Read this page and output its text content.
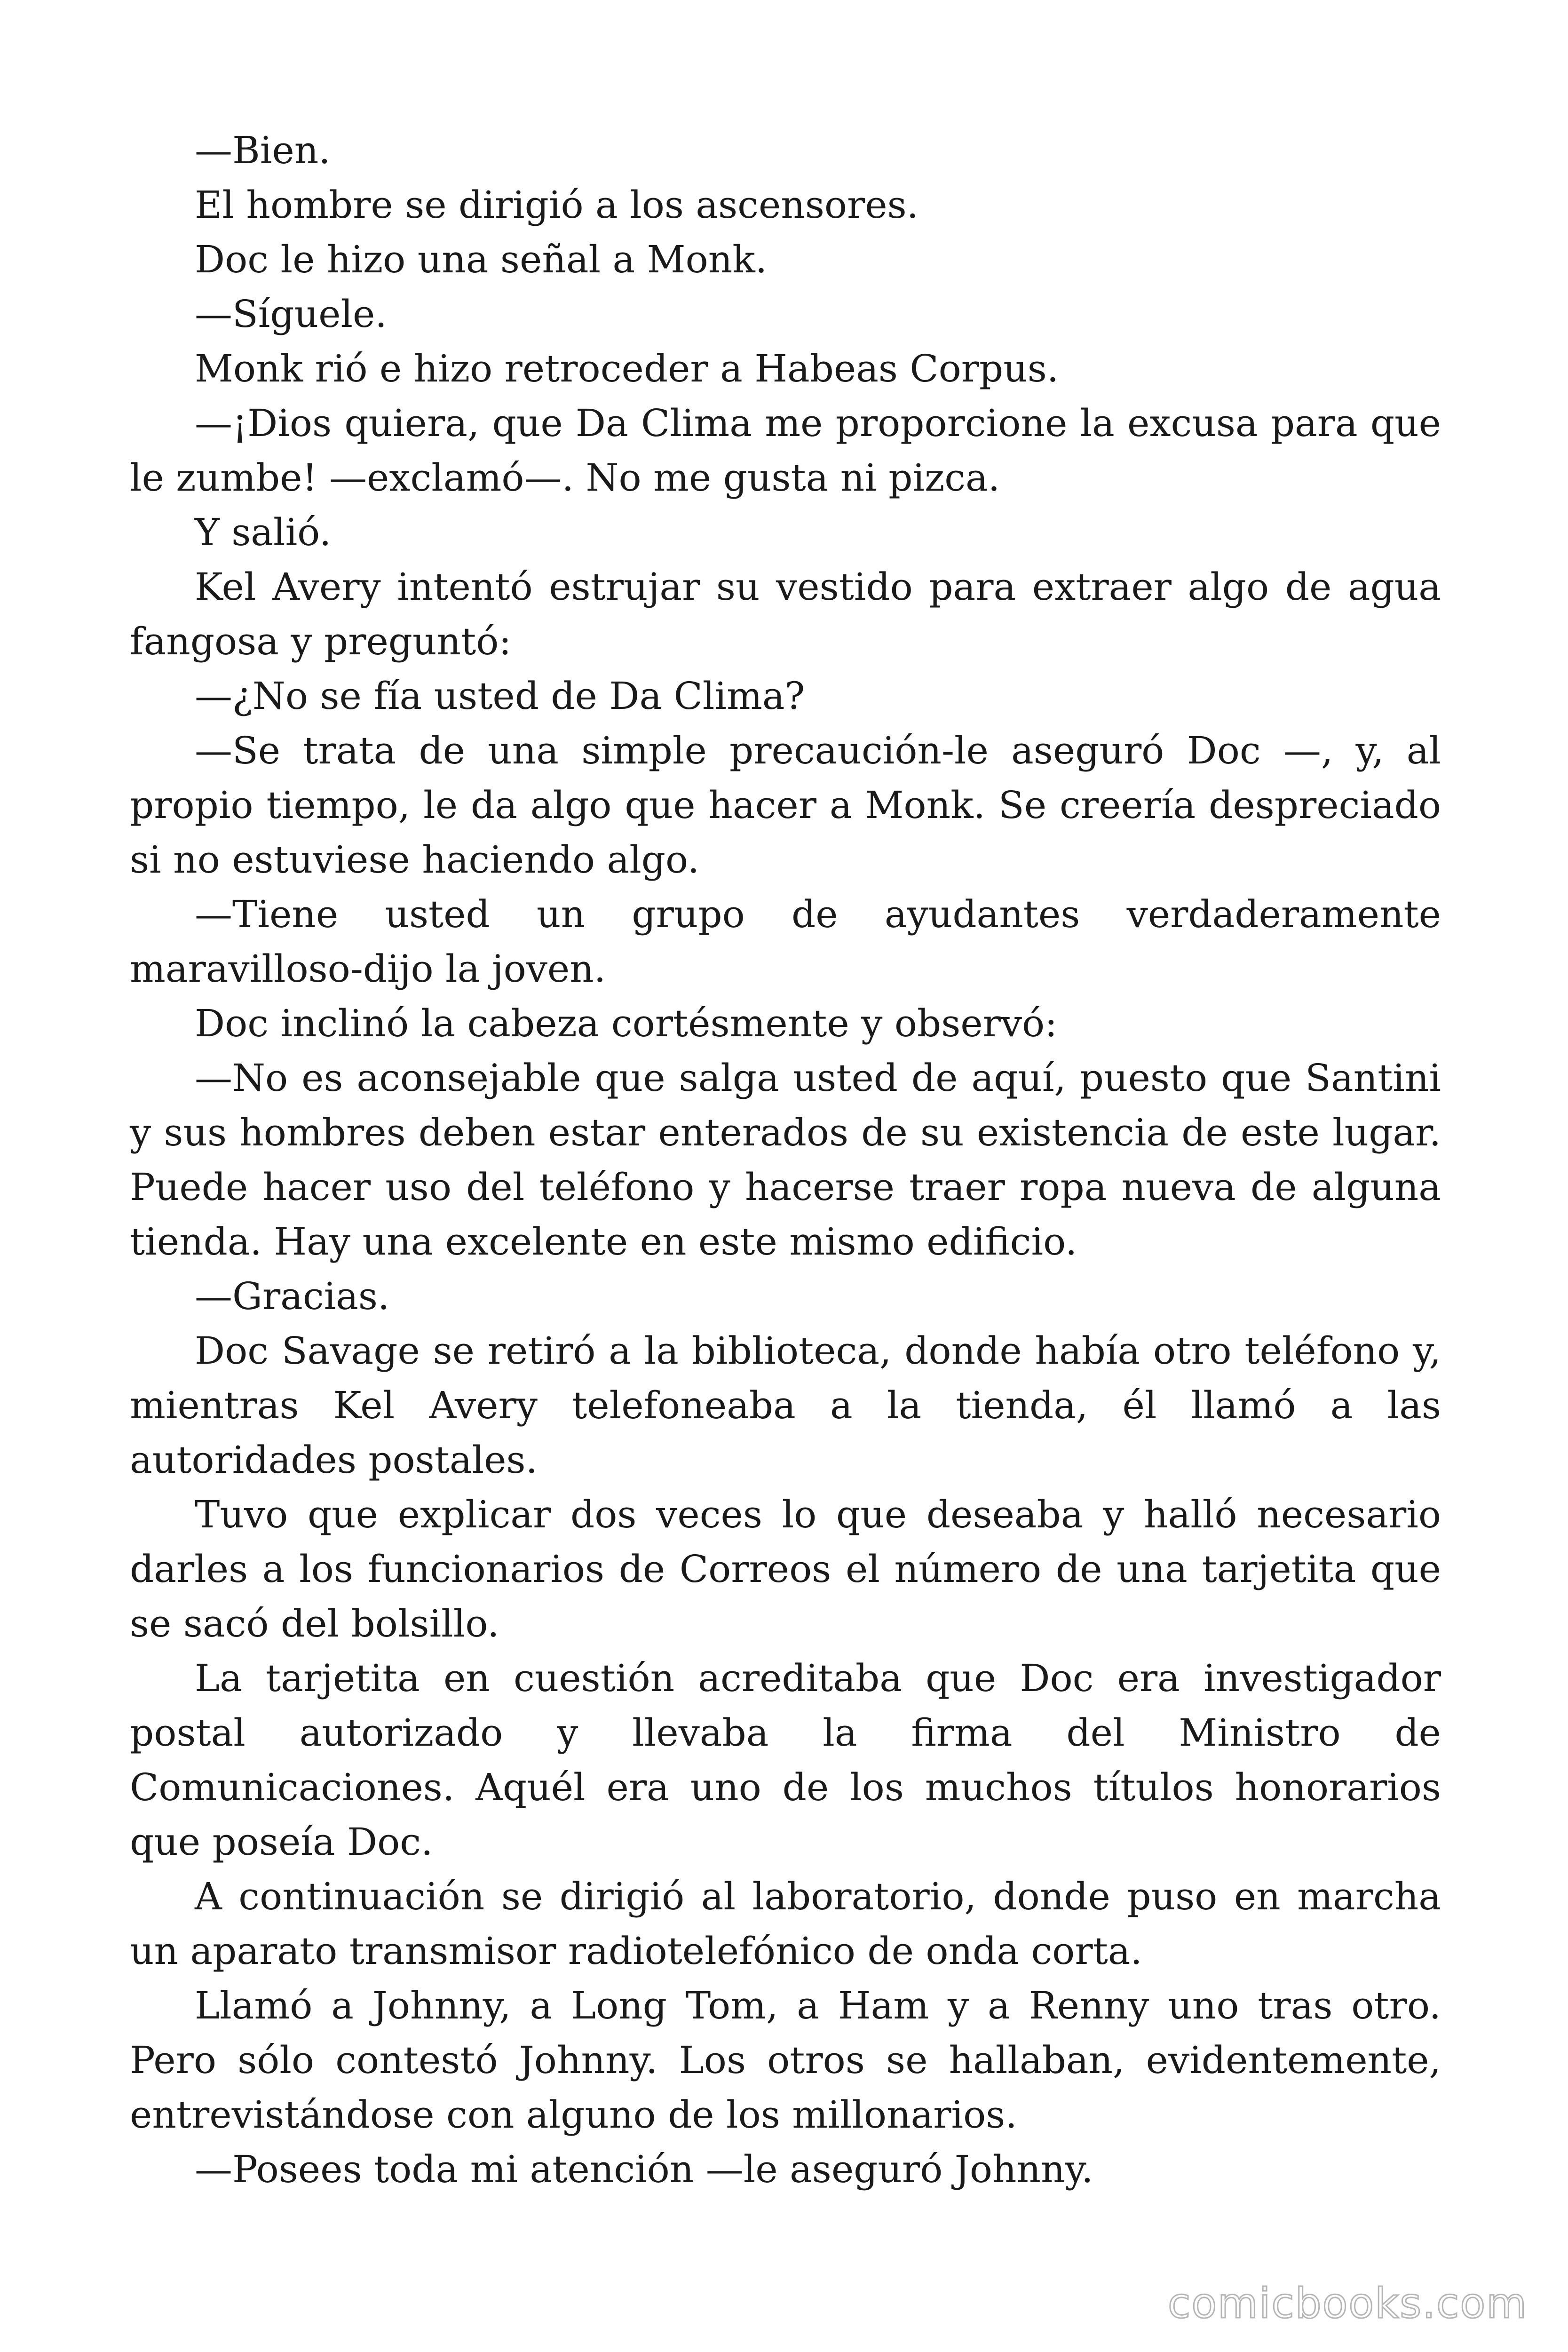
—Bien.

El hombre se dirigió a los ascensores.

Doc le hizo una señal a Monk.

—Síguele.

Monk rió e hizo retroceder a Habeas Corpus.

—¡Dios quiera, que Da Clima me proporcione la excusa para que le zumbe! —exclamó—. No me gusta ni pizca.

Y salió.

Kel Avery intentó estrujar su vestido para extraer algo de agua fangosa y preguntó:

—¿No se fía usted de Da Clima?

—Se trata de una simple precaución-le aseguró Doc —, y, al propio tiempo, le da algo que hacer a Monk. Se creería despreciado si no estuviese haciendo algo.

—Tiene usted un grupo de ayudantes verdaderamente maravilloso-dijo la joven.

Doc inclinó la cabeza cortésmente y observó:

—No es aconsejable que salga usted de aquí, puesto que Santini y sus hombres deben estar enterados de su existencia de este lugar. Puede hacer uso del teléfono y hacerse traer ropa nueva de alguna tienda. Hay una excelente en este mismo edificio.

—Gracias.

Doc Savage se retiró a la biblioteca, donde había otro teléfono y, mientras Kel Avery telefoneaba a la tienda, él llamó a las autoridades postales.

Tuvo que explicar dos veces lo que deseaba y halló necesario darles a los funcionarios de Correos el número de una tarjetita que se sacó del bolsillo.

La tarjetita en cuestión acreditaba que Doc era investigador postal autorizado y llevaba la firma del Ministro de Comunicaciones. Aquél era uno de los muchos títulos honorarios que poseía Doc.

A continuación se dirigió al laboratorio, donde puso en marcha un aparato transmisor radiotelefónico de onda corta.

Llamó a Johnny, a Long Tom, a Ham y a Renny uno tras otro. Pero sólo contestó Johnny. Los otros se hallaban, evidentemente, entrevistándose con alguno de los millonarios.

—Posees toda mi atención —le aseguró Johnny.

comicbooks.com
